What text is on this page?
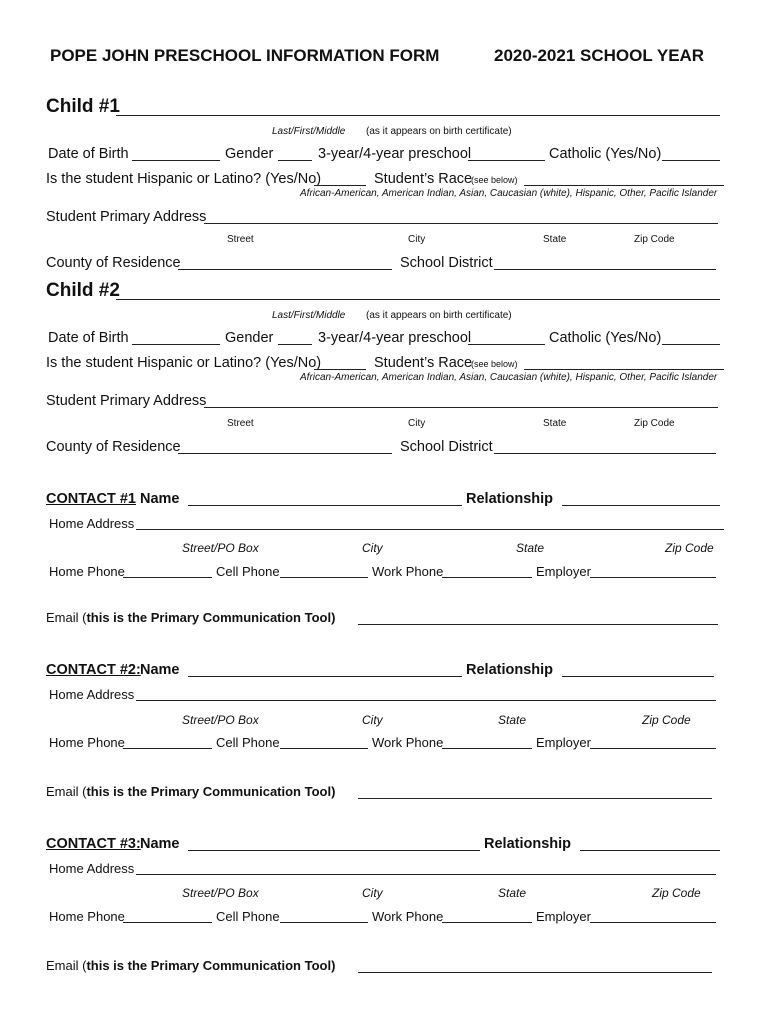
POPE JOHN PRESCHOOL INFORMATION FORM	2020-2021 SCHOOL YEAR
Child #1
Last/First/Middle (as it appears on birth certificate)
Date of Birth	Gender	3-year/4-year preschool	Catholic (Yes/No)
Is the student Hispanic or Latino? (Yes/No)	Student’s Race
(see below)
African-American, American Indian, Asian, Caucasian (white), Hispanic, Other, Pacific Islander
Student Primary Address
Street	City	State	Zip Code
County of Residence	School District
Child #2
Last/First/Middle (as it appears on birth certificate)
Date of Birth	Gender	3-year/4-year preschool	Catholic (Yes/No)
Is the student Hispanic or Latino? (Yes/No)	Student’s Race
(see below)
African-American, American Indian, Asian, Caucasian (white), Hispanic, Other, Pacific Islander
Student Primary Address
Street	City	State	Zip Code
County of Residence	School District
CONTACT #1 Name	Relationship
Home Address
Street/PO Box	City	State	Zip Code
Home Phone	Cell Phone	Work Phone	Employer
Email (this is the Primary Communication Tool)
CONTACT #2: Name	Relationship
Home Address
Street/PO Box	City	State	Zip Code
Home Phone	Cell Phone	Work Phone	Employer
Email (this is the Primary Communication Tool)
CONTACT #3: Name	Relationship
Home Address
Street/PO Box	City	State	Zip Code
Home Phone	Cell Phone	Work Phone	Employer
Email (this is the Primary Communication Tool)
